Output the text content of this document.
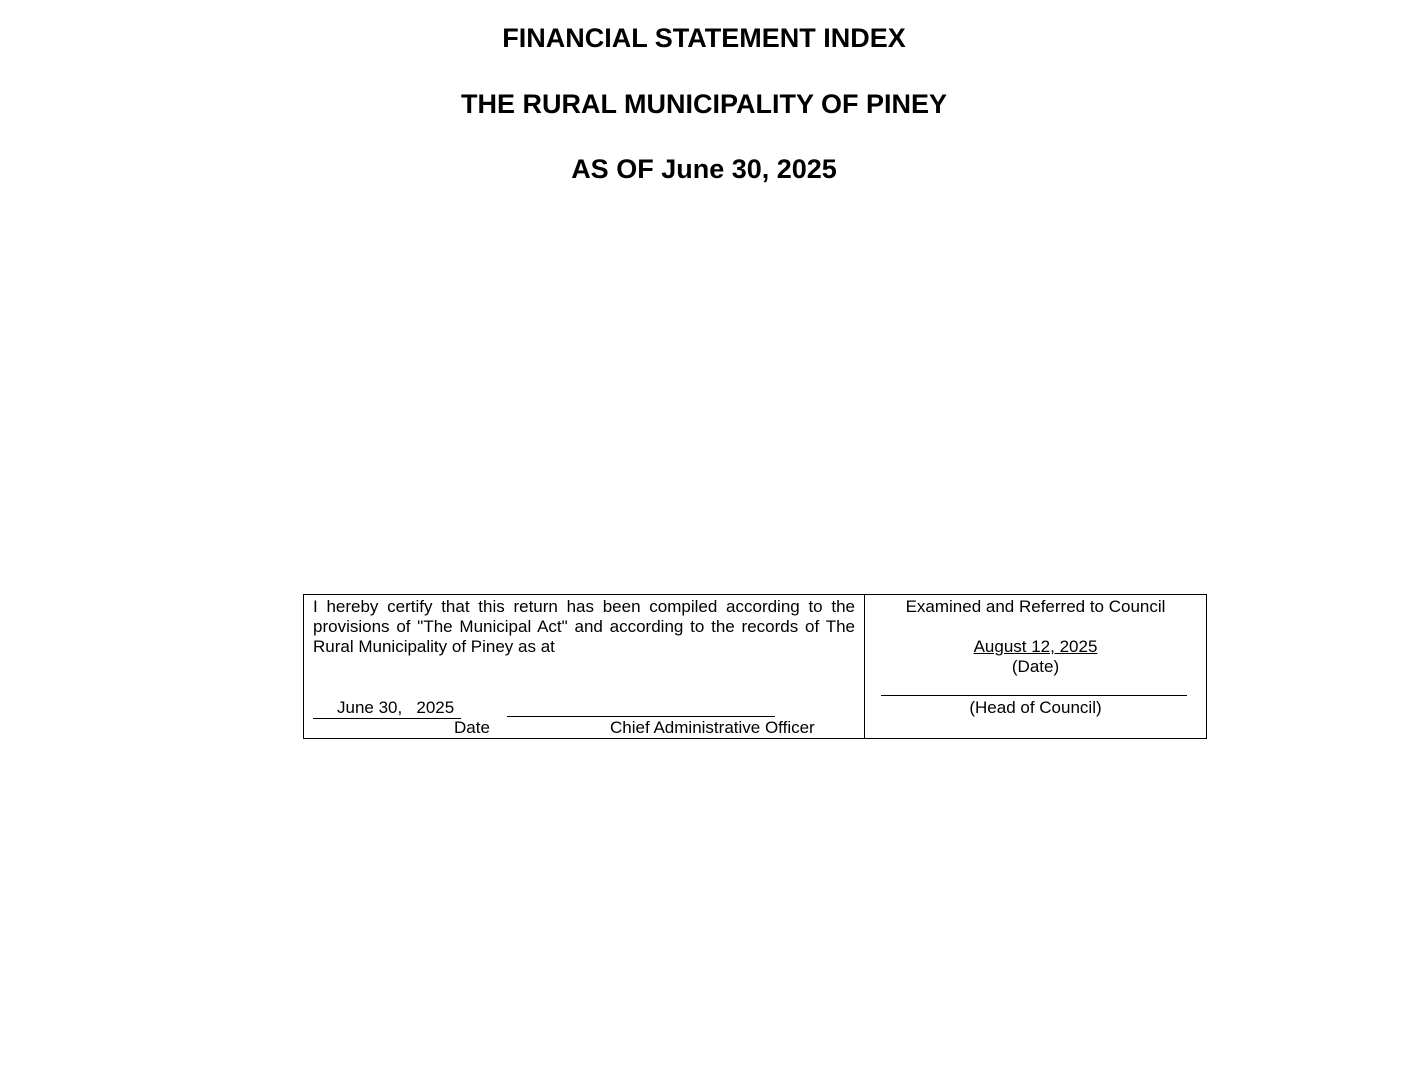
FINANCIAL STATEMENT INDEX
THE RURAL MUNICIPALITY OF PINEY
AS OF June 30, 2025

I hereby certify that this return has been compiled according to the provisions of "The Municipal Act" and according to the records of The Rural Municipality of Piney as at

June 30,   2025
Date	Chief Administrative Officer
Examined and Referred to Council
August 12, 2025
(Date)
(Head of Council)
